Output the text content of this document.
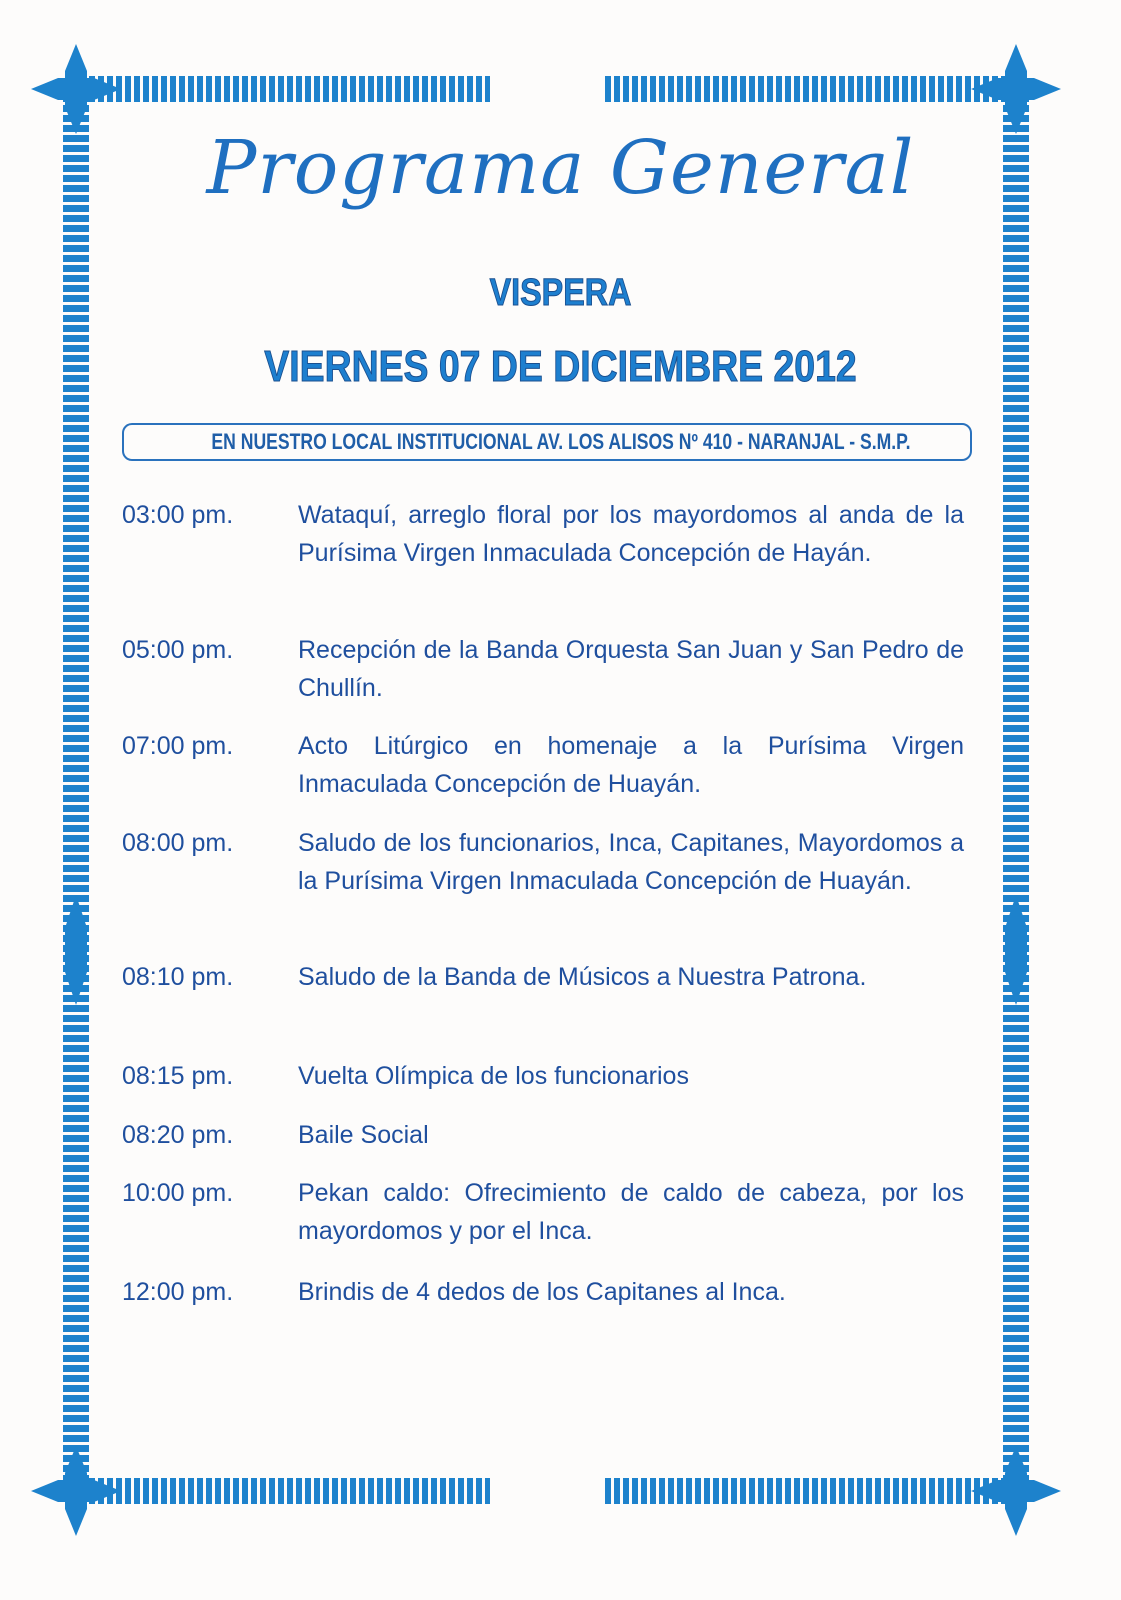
Programa General
VISPERA
VIERNES 07 DE DICIEMBRE 2012
EN NUESTRO LOCAL INSTITUCIONAL AV. LOS ALISOS Nº 410 - NARANJAL - S.M.P.
03:00 pm.	Wataquí, arreglo floral por los mayordomos al anda de la Purísima Virgen Inmaculada Concepción de Hayán.
05:00 pm.	Recepción de la Banda Orquesta San Juan y San Pedro de Chullín.
07:00 pm.	Acto Litúrgico en homenaje a la Purísima Virgen Inmaculada Concepción de Huayán.
08:00 pm.	Saludo de los funcionarios, Inca, Capitanes, Mayordomos a la Purísima Virgen Inmaculada Concepción de Huayán.
08:10 pm.	Saludo de la Banda de Músicos a Nuestra Patrona.
08:15 pm.	Vuelta Olímpica de los funcionarios
08:20 pm.	Baile Social
10:00 pm.	Pekan caldo: Ofrecimiento de caldo de cabeza, por los mayordomos y por el Inca.
12:00 pm.	Brindis de 4 dedos de los Capitanes al Inca.
